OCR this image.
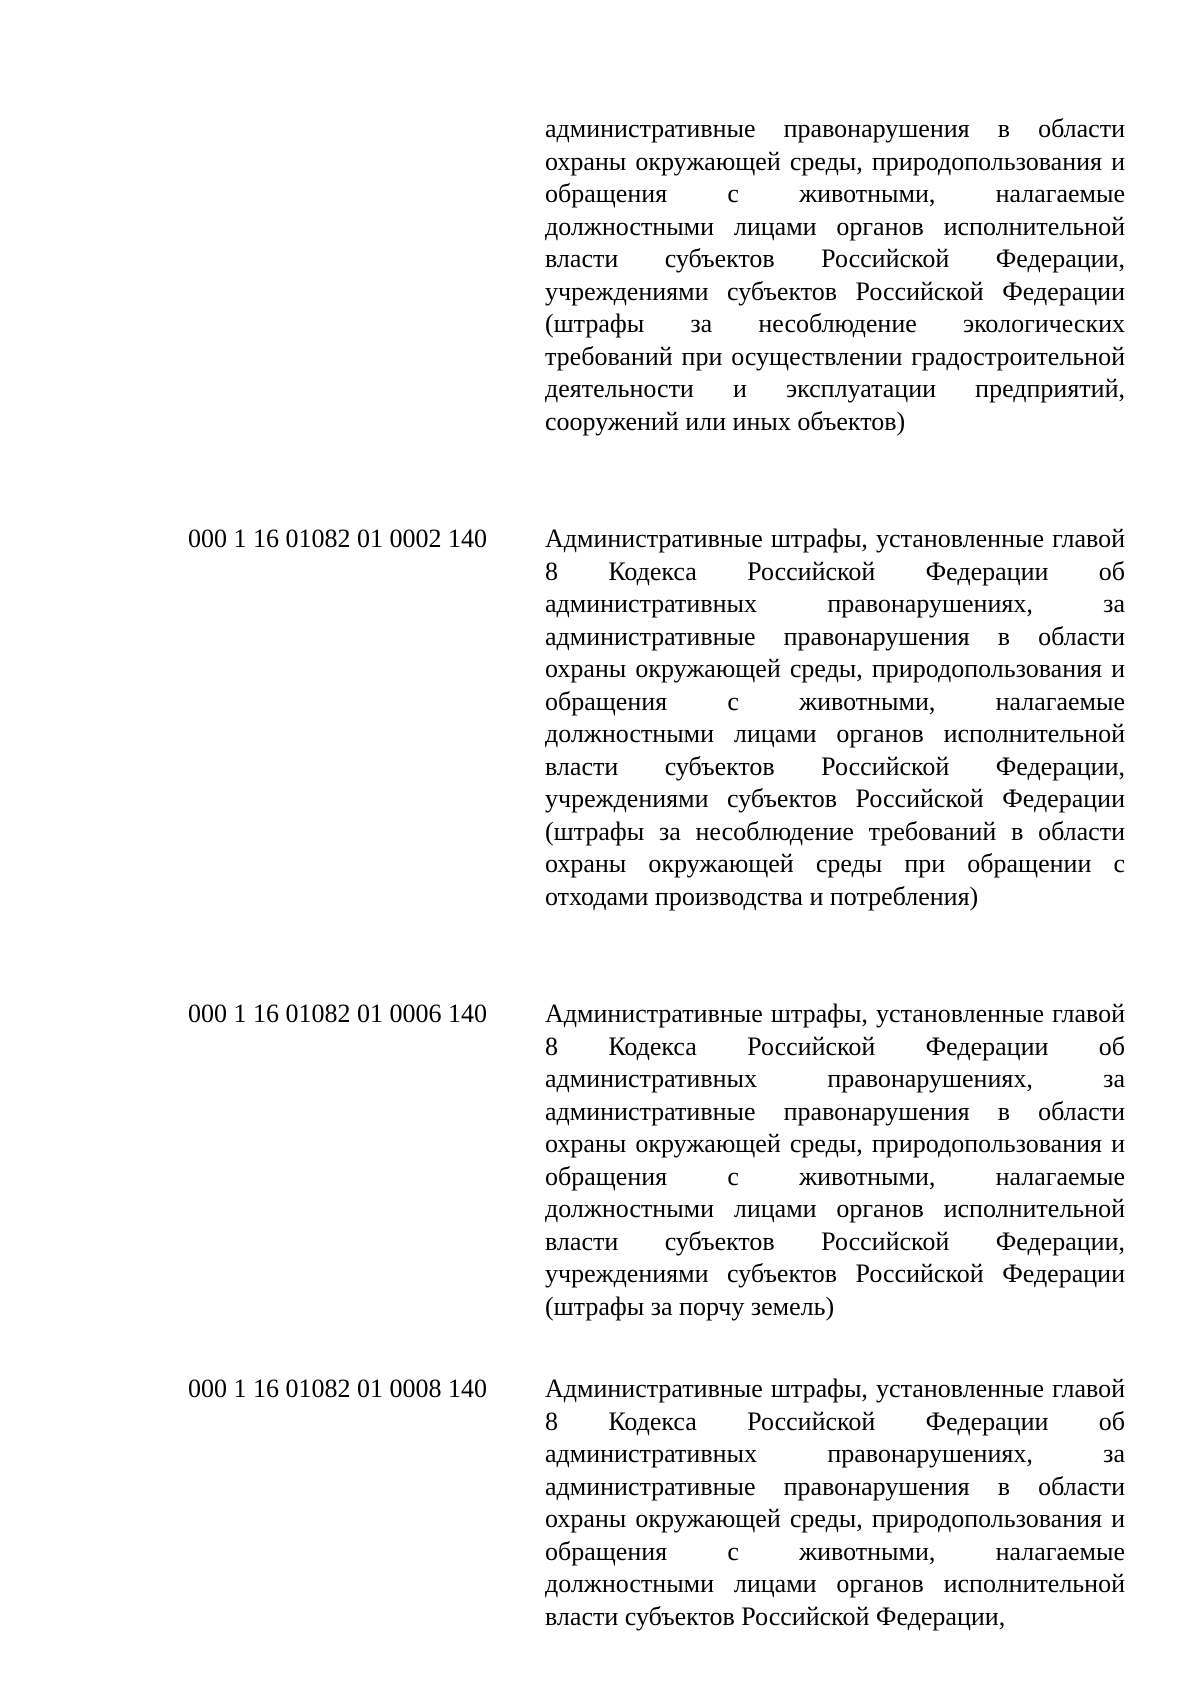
административные правонарушения в области охраны окружающей среды, природопользования и обращения с животными, налагаемые должностными лицами органов исполнительной власти субъектов Российской Федерации, учреждениями субъектов Российской Федерации (штрафы за несоблюдение экологических требований при осуществлении градостроительной деятельности и эксплуатации предприятий, сооружений или иных объектов)

000 1 16 01082 01 0002 140	Административные штрафы, установленные главой 8 Кодекса Российской Федерации об административных правонарушениях, за административные правонарушения в области охраны окружающей среды, природопользования и обращения с животными, налагаемые должностными лицами органов исполнительной власти субъектов Российской Федерации, учреждениями субъектов Российской Федерации (штрафы за несоблюдение требований в области охраны окружающей среды при обращении с отходами производства и потребления)

000 1 16 01082 01 0006 140	Административные штрафы, установленные главой 8 Кодекса Российской Федерации об административных правонарушениях, за административные правонарушения в области охраны окружающей среды, природопользования и обращения с животными, налагаемые должностными лицами органов исполнительной власти субъектов Российской Федерации, учреждениями субъектов Российской Федерации (штрафы за порчу земель)

000 1 16 01082 01 0008 140	Административные штрафы, установленные главой 8 Кодекса Российской Федерации об административных правонарушениях, за административные правонарушения в области охраны окружающей среды, природопользования и обращения с животными, налагаемые должностными лицами органов исполнительной власти субъектов Российской Федерации,
